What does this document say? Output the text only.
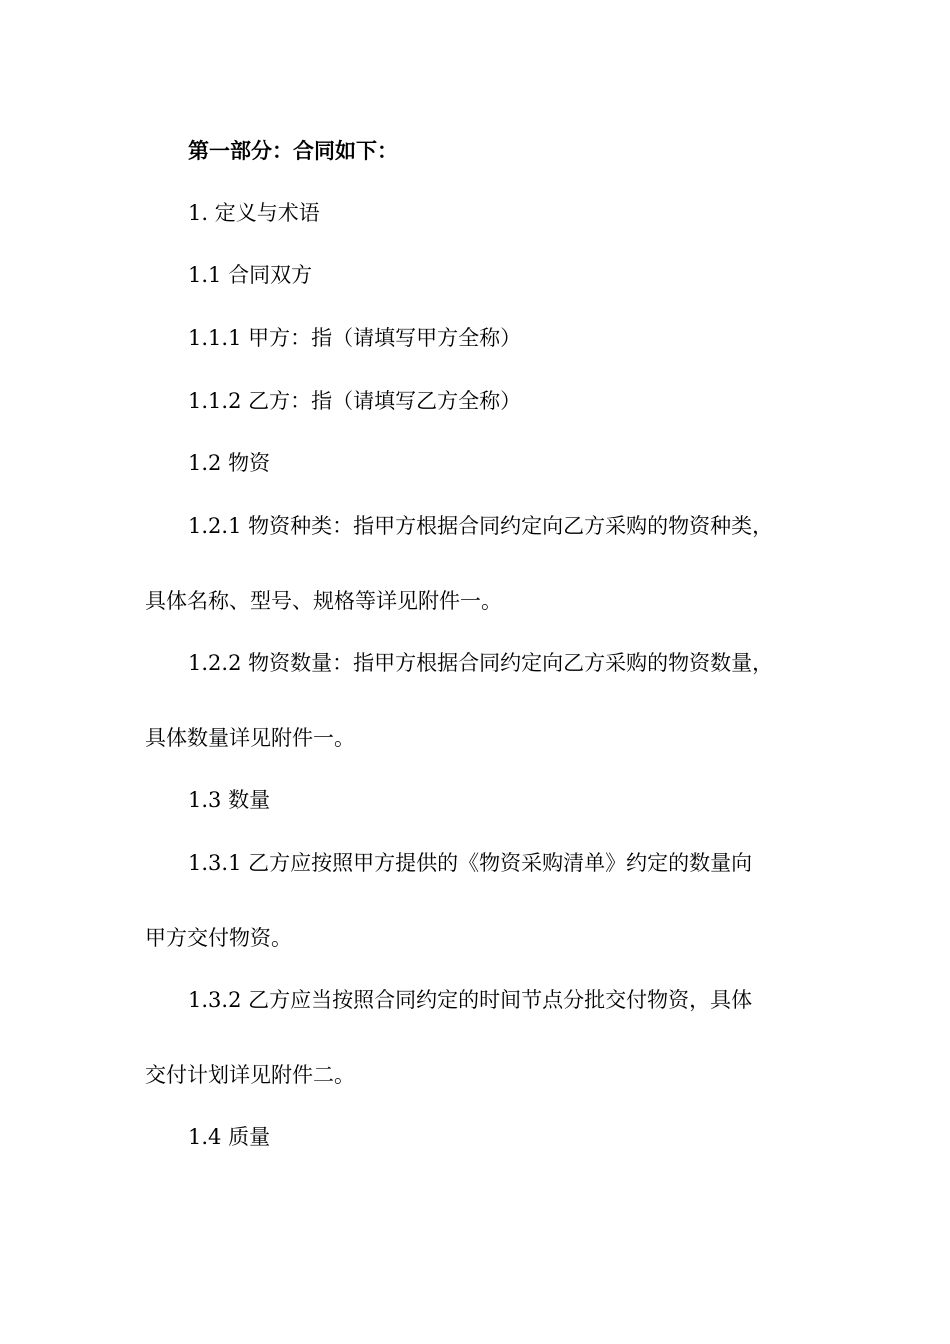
第一部分：合同如下：
1. 定义与术语
1.1 合同双方
1.1.1 甲方：指（请填写甲方全称）
1.1.2 乙方：指（请填写乙方全称）
1.2 物资
1.2.1 物资种类：指甲方根据合同约定向乙方采购的物资种类，
具体名称、型号、规格等详见附件一。
1.2.2 物资数量：指甲方根据合同约定向乙方采购的物资数量，
具体数量详见附件一。
1.3 数量
1.3.1 乙方应按照甲方提供的《物资采购清单》约定的数量向
甲方交付物资。
1.3.2 乙方应当按照合同约定的时间节点分批交付物资，具体
交付计划详见附件二。
1.4 质量
